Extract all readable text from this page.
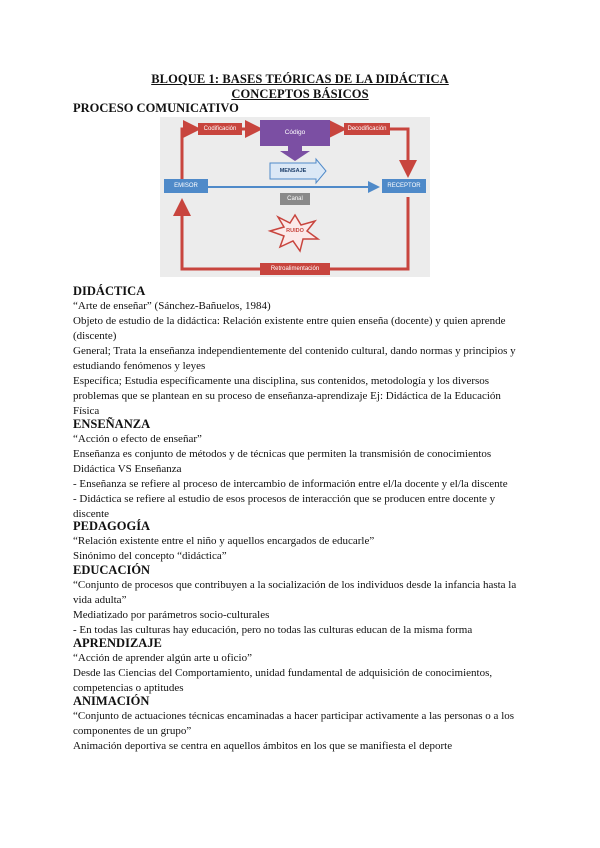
BLOQUE 1: BASES TEÓRICAS DE LA DIDÁCTICA
CONCEPTOS BÁSICOS
PROCESO COMUNICATIVO
Codificación	Código	Decodificación
MENSAJE
EMISOR	RECEPTOR
Canal
RUIDO
Retroalimentación
DIDÁCTICA
“Arte de enseñar” (Sánchez-Bañuelos, 1984)
Objeto de estudio de la didáctica: Relación existente entre quien enseña (docente) y quien aprende
(discente)
General; Trata la enseñanza independientemente del contenido cultural, dando normas y principios y
estudiando fenómenos y leyes
Específica; Estudia específicamente una disciplina, sus contenidos, metodología y los diversos
problemas que se plantean en su proceso de enseñanza-aprendizaje Ej: Didáctica de la Educación
Física
ENSEÑANZA
“Acción o efecto de enseñar”
Enseñanza es conjunto de métodos y de técnicas que permiten la transmisión de conocimientos
Didáctica VS Enseñanza
- Enseñanza se refiere al proceso de intercambio de información entre el/la docente y el/la discente
- Didáctica se refiere al estudio de esos procesos de interacción que se producen entre docente y
discente
PEDAGOGÍA
“Relación existente entre el niño y aquellos encargados de educarle”
Sinónimo del concepto “didáctica”
EDUCACIÓN
“Conjunto de procesos que contribuyen a la socialización de los individuos desde la infancia hasta la
vida adulta”
Mediatizado por parámetros socio-culturales
- En todas las culturas hay educación, pero no todas las culturas educan de la misma forma
APRENDIZAJE
“Acción de aprender algún arte u oficio”
Desde las Ciencias del Comportamiento, unidad fundamental de adquisición de conocimientos,
competencias o aptitudes
ANIMACIÓN
“Conjunto de actuaciones técnicas encaminadas a hacer participar activamente a las personas o a los
componentes de un grupo”
Animación deportiva se centra en aquellos ámbitos en los que se manifiesta el deporte
